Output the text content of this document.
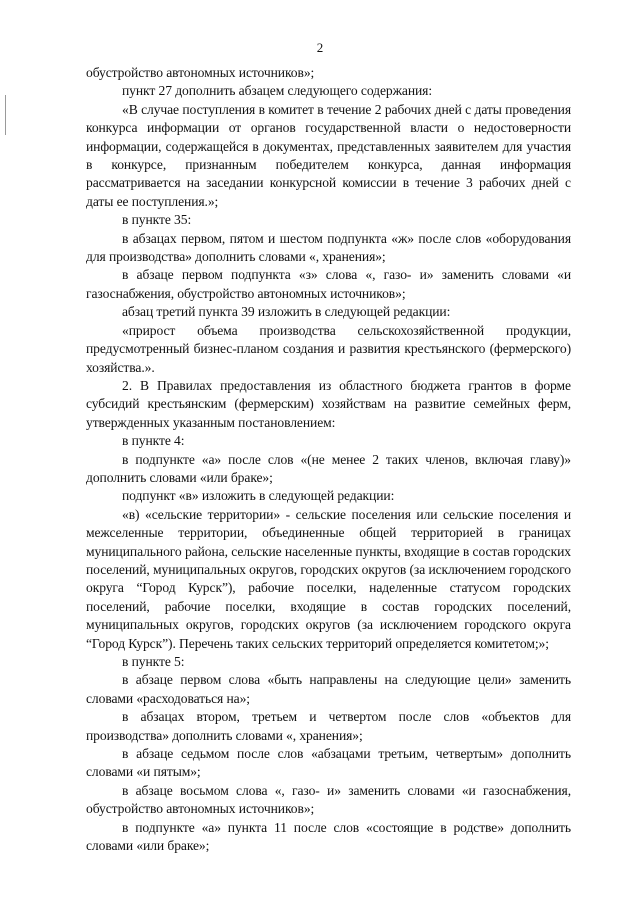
2

обустройство автономных источников»;

пункт 27 дополнить абзацем следующего содержания:

«В случае поступления в комитет в течение 2 рабочих дней с даты проведения конкурса информации от органов государственной власти о недостоверности информации, содержащейся в документах, представленных заявителем для участия в конкурсе, признанным победителем конкурса, данная информация рассматривается на заседании конкурсной комиссии в течение 3 рабочих дней с даты ее поступления.»;

в пункте 35:

в абзацах первом, пятом и шестом подпункта «ж» после слов «оборудования для производства» дополнить словами «, хранения»;

в абзаце первом подпункта «з» слова «, газо- и» заменить словами «и газоснабжения, обустройство автономных источников»;

абзац третий пункта 39 изложить в следующей редакции:

«прирост объема производства сельскохозяйственной продукции, предусмотренный бизнес-планом создания и развития крестьянского (фермерского) хозяйства.».

2. В Правилах предоставления из областного бюджета грантов в форме субсидий крестьянским (фермерским) хозяйствам на развитие семейных ферм, утвержденных указанным постановлением:

в пункте 4:

в подпункте «а» после слов «(не менее 2 таких членов, включая главу)» дополнить словами «или браке»;

подпункт «в» изложить в следующей редакции:

«в) «сельские территории» - сельские поселения или сельские поселения и межселенные территории, объединенные общей территорией в границах муниципального района, сельские населенные пункты, входящие в состав городских поселений, муниципальных округов, городских округов (за исключением городского округа “Город Курск”), рабочие поселки, наделенные статусом городских поселений, рабочие поселки, входящие в состав городских поселений, муниципальных округов, городских округов (за исключением городского округа “Город Курск”). Перечень таких сельских территорий определяется комитетом;»;

в пункте 5:

в абзаце первом слова «быть направлены на следующие цели» заменить словами «расходоваться на»;

в абзацах втором, третьем и четвертом после слов «объектов для производства» дополнить словами «, хранения»;

в абзаце седьмом после слов «абзацами третьим, четвертым» дополнить словами «и пятым»;

в абзаце восьмом слова «, газо- и» заменить словами «и газоснабжения, обустройство автономных источников»;

в подпункте «а» пункта 11 после слов «состоящие в родстве» дополнить словами «или браке»;
